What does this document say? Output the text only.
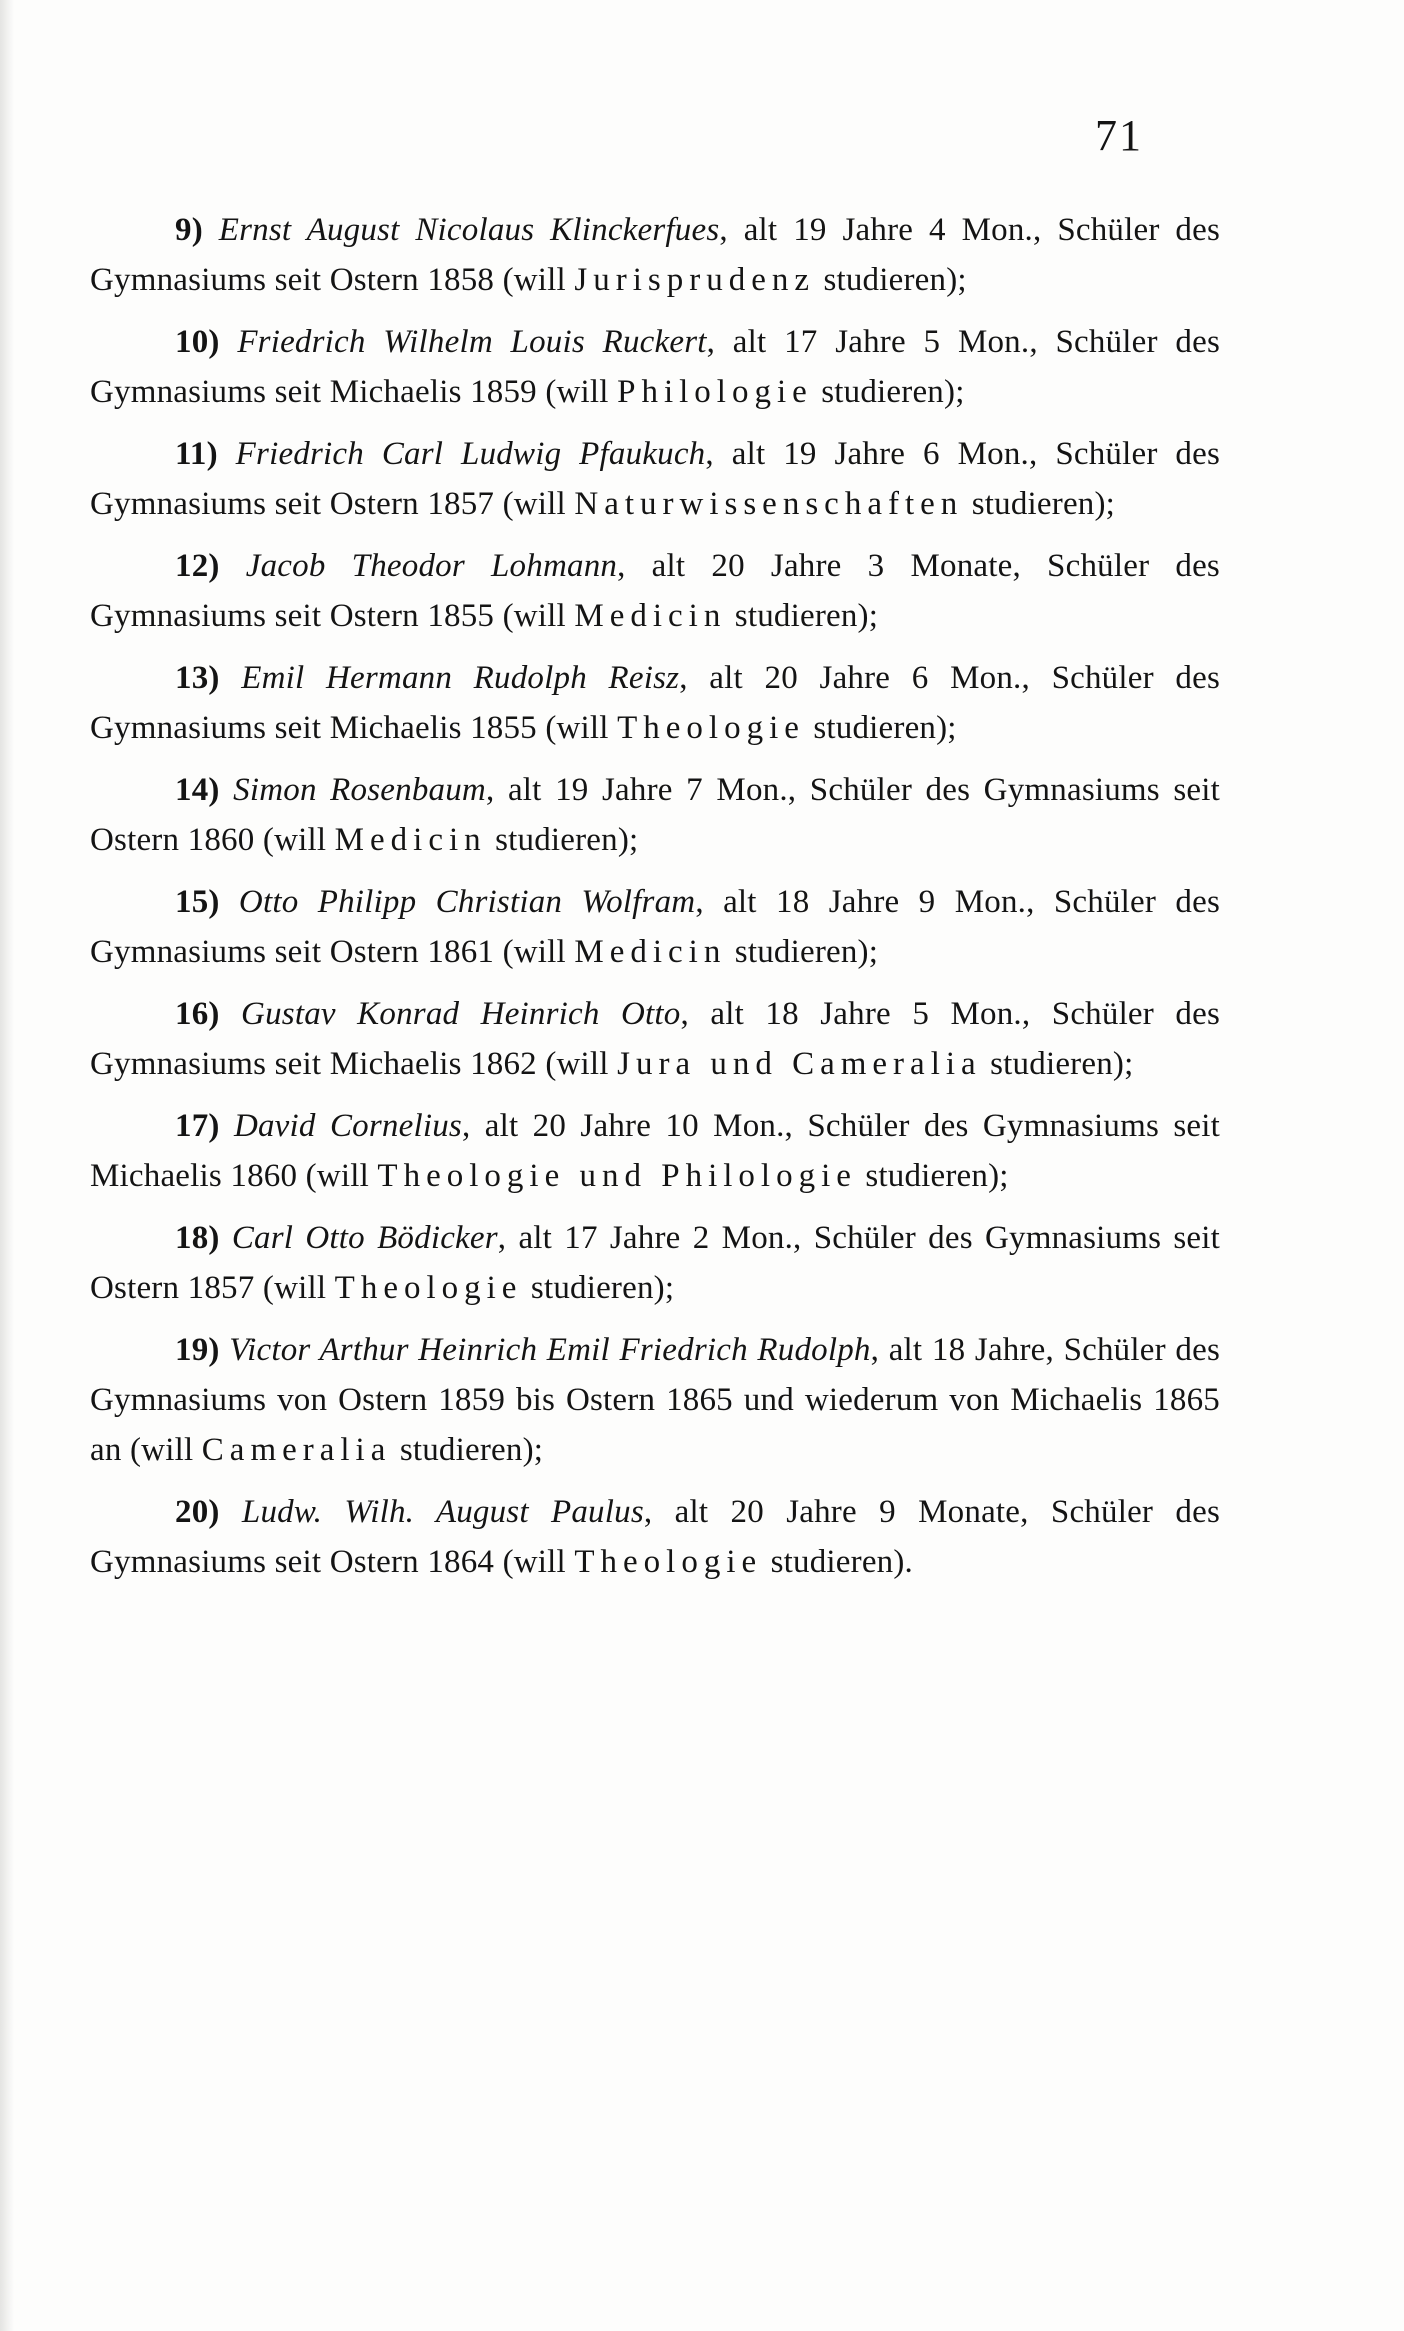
71

9) Ernst August Nicolaus Klinckerfues, alt 19 Jahre 4 Mon., Schüler des Gymnasiums seit Ostern 1858 (will Jurisprudenz studieren);

10) Friedrich Wilhelm Louis Ruckert, alt 17 Jahre 5 Mon., Schüler des Gymnasiums seit Michaelis 1859 (will Philologie studieren);

11) Friedrich Carl Ludwig Pfaukuch, alt 19 Jahre 6 Mon., Schüler des Gymnasiums seit Ostern 1857 (will Naturwissenschaften studieren);

12) Jacob Theodor Lohmann, alt 20 Jahre 3 Monate, Schüler des Gymnasiums seit Ostern 1855 (will Medicin studieren);

13) Emil Hermann Rudolph Reisz, alt 20 Jahre 6 Mon., Schüler des Gymnasiums seit Michaelis 1855 (will Theologie studieren);

14) Simon Rosenbaum, alt 19 Jahre 7 Mon., Schüler des Gymnasiums seit Ostern 1860 (will Medicin studieren);

15) Otto Philipp Christian Wolfram, alt 18 Jahre 9 Mon., Schüler des Gymnasiums seit Ostern 1861 (will Medicin studieren);

16) Gustav Konrad Heinrich Otto, alt 18 Jahre 5 Mon., Schüler des Gymnasiums seit Michaelis 1862 (will Jura und Cameralia studieren);

17) David Cornelius, alt 20 Jahre 10 Mon., Schüler des Gymnasiums seit Michaelis 1860 (will Theologie und Philologie studieren);

18) Carl Otto Bödicker, alt 17 Jahre 2 Mon., Schüler des Gymnasiums seit Ostern 1857 (will Theologie studieren);

19) Victor Arthur Heinrich Emil Friedrich Rudolph, alt 18 Jahre, Schüler des Gymnasiums von Ostern 1859 bis Ostern 1865 und wiederum von Michaelis 1865 an (will Cameralia studieren);

20) Ludw. Wilh. August Paulus, alt 20 Jahre 9 Monate, Schüler des Gymnasiums seit Ostern 1864 (will Theologie studieren).
